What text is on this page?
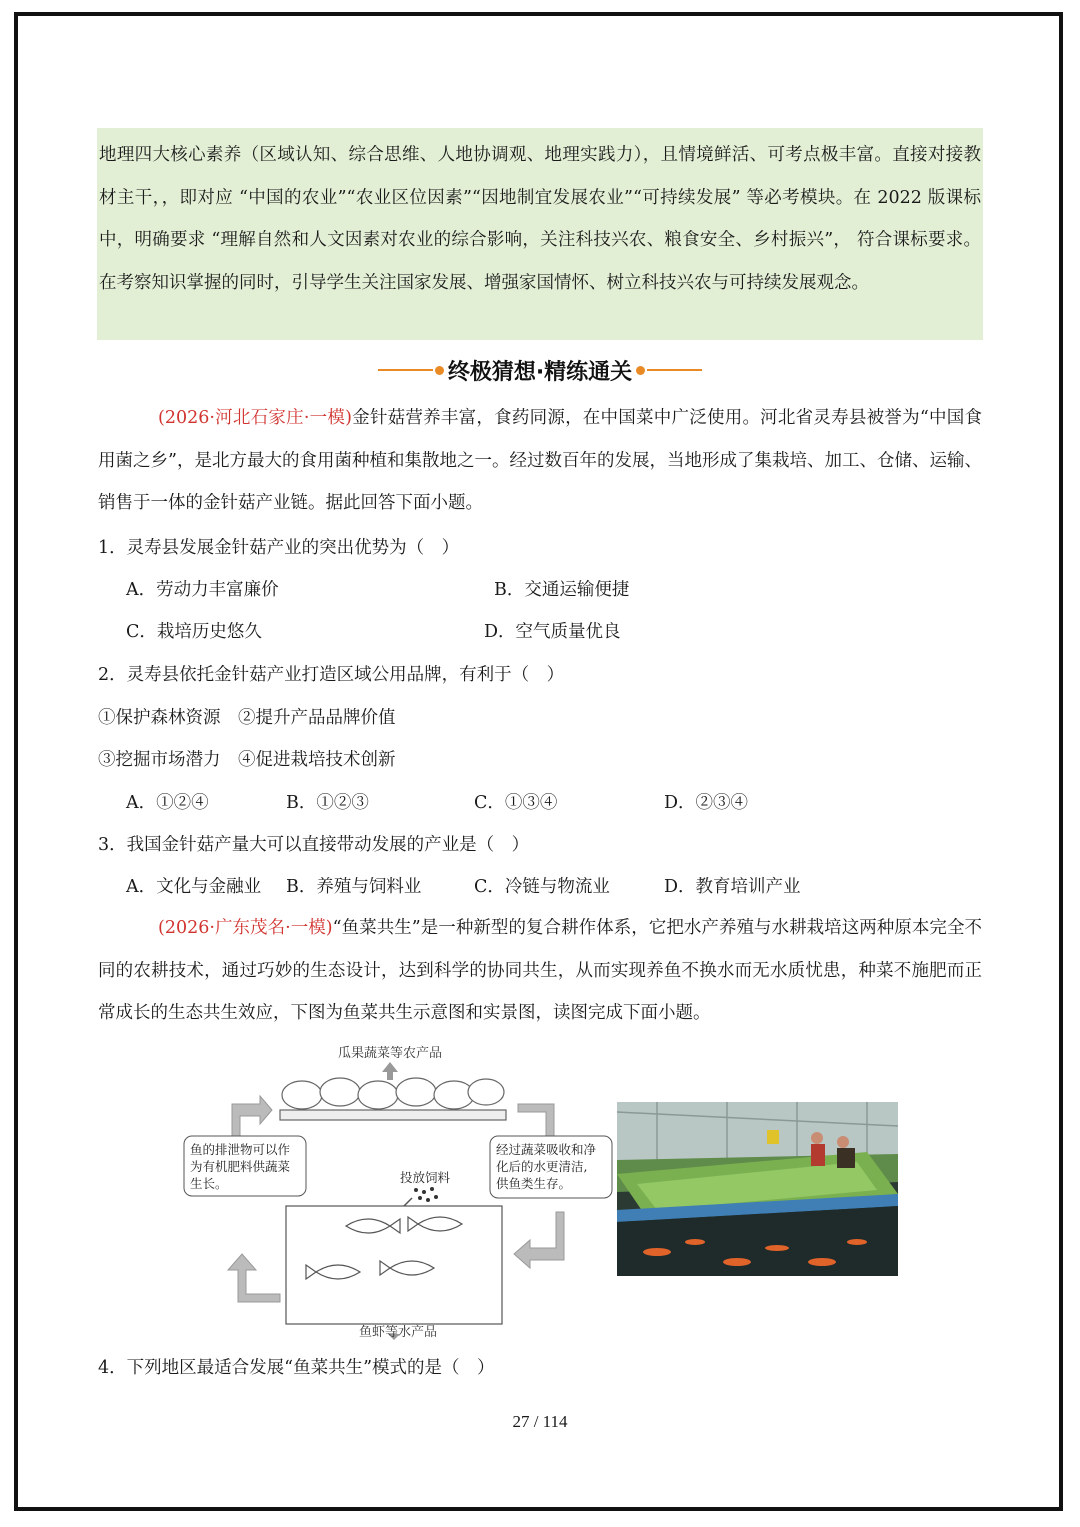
地理四大核心素养（区域认知、综合思维、人地协调观、地理实践力），且情境鲜活、可考点极丰富。直接对接教材主干，，即对应 “中国的农业”“农业区位因素”“因地制宜发展农业”“可持续发展” 等必考模块。在 2022 版课标中，明确要求 “理解自然和人文因素对农业的综合影响，关注科技兴农、粮食安全、乡村振兴”， 符合课标要求。在考察知识掌握的同时，引导学生关注国家发展、增强家国情怀、树立科技兴农与可持续发展观念。
终极猜想·精练通关
(2026·河北石家庄·一模)金针菇营养丰富，食药同源，在中国菜中广泛使用。河北省灵寿县被誉为“中国食用菌之乡”，是北方最大的食用菌种植和集散地之一。经过数百年的发展，当地形成了集栽培、加工、仓储、运输、销售于一体的金针菇产业链。据此回答下面小题。
1．灵寿县发展金针菇产业的突出优势为（　）
A．劳动力丰富廉价	B．交通运输便捷
C．栽培历史悠久	D．空气质量优良
2．灵寿县依托金针菇产业打造区域公用品牌，有利于（　）
①保护森林资源　②提升产品品牌价值
③挖掘市场潜力　④促进栽培技术创新
A．①②④	B．①②③	C．①③④	D．②③④
3．我国金针菇产量大可以直接带动发展的产业是（　）
A．文化与金融业 B．养殖与饲料业	C．冷链与物流业	D．教育培训产业
(2026·广东茂名·一模)“鱼菜共生”是一种新型的复合耕作体系，它把水产养殖与水耕栽培这两种原本完全不同的农耕技术，通过巧妙的生态设计，达到科学的协同共生，从而实现养鱼不换水而无水质忧患，种菜不施肥而正常成长的生态共生效应，下图为鱼菜共生示意图和实景图，读图完成下面小题。
瓜果蔬菜等农产品
鱼的排泄物可以作
为有机肥料供蔬菜
生长。
经过蔬菜吸收和净
化后的水更清洁,
供鱼类生存。
投放饲料
鱼虾等水产品
4．下列地区最适合发展“鱼菜共生”模式的是（　）
27 / 114
